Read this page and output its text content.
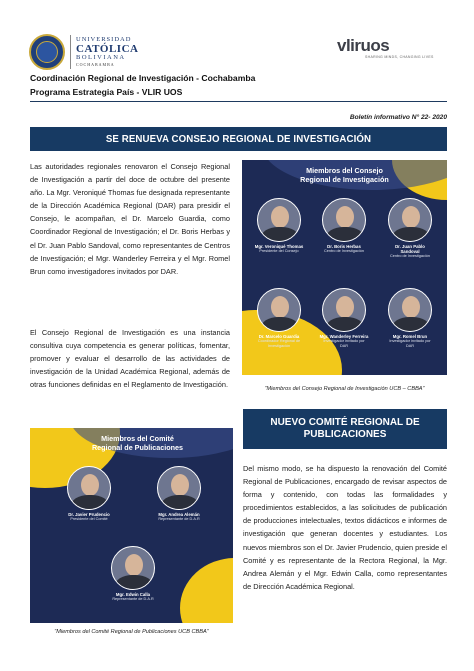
UNIVERSIDAD
CATÓLICA
BOLIVIANA
COCHABAMBA
vliruos
SHARING MINDS, CHANGING LIVES
Coordinación Regional de Investigación - Cochabamba
Programa Estrategia País - VLIR UOS
Boletín informativo N° 22- 2020
SE RENUEVA CONSEJO REGIONAL DE INVESTIGACIÓN

Las autoridades regionales renovaron el Consejo Regional de Investigación a partir del doce de octubre del presente año. La Mgr. Veroniqué Thomas fue designada representante de la Dirección Académica Regional (DAR) para presidir el Consejo, le acompañan, el Dr. Marcelo Guardia, como Coordinador Regional de Investigación; el Dr. Boris Herbas y el Dr. Juan Pablo Sandoval, como representantes de Centros de Investigación; el Mgr. Wanderley Ferreira y el Mgr. Romel Brun como investigadores invitados por DAR.

El Consejo Regional de Investigación es una instancia consultiva cuya competencia es generar políticas, fomentar, promover y evaluar el desarrollo de las actividades de investigación de la Unidad Académica Regional, además de otras funciones definidas en el Reglamento de Investigación.

Miembros del Consejo
Regional de Investigación
Mgr. Veroniqué Thomas
Presidente del Consejo
Dr. Boris Herbas
Centro de Investigación
Dr. Juan Pablo Sandoval
Centro de Investigación
Dr. Marcelo Guardia
Coordinador Regional de Investigación
Mgr. Wanderley Ferreira
Investigador invitado por DAR
Mgr. Romel Brun
Investigador invitado por DAR
“Miembros del Consejo Regional de Investigación UCB – CBBA”
NUEVO COMITÉ REGIONAL DE PUBLICACIONES

Del mismo modo, se ha dispuesto la renovación del Comité Regional de Publicaciones, encargado de revisar aspectos de forma y contenido, con todas las formalidades y procedimientos establecidos, a las solicitudes de publicación de producciones intelectuales, textos didácticos e informes de investigación que generan docentes y estudiantes. Los nuevos miembros son el Dr. Javier Prudencio, quien preside el Comité y es representante de la Rectora Regional, la Mgr. Andrea Alemán y el Mgr. Edwin Calla, como representantes de Dirección Académica Regional.

Miembros del Comité
Regional de Publicaciones
Dr. Javier Prudencio
Presidente del Comité
Mgr. Andrea Alemán
Representante de D.A.R
Mgr. Edwin Calla
Representante de D.A.R
“Miembros del Comité Regional de Publicaciones UCB CBBA”
